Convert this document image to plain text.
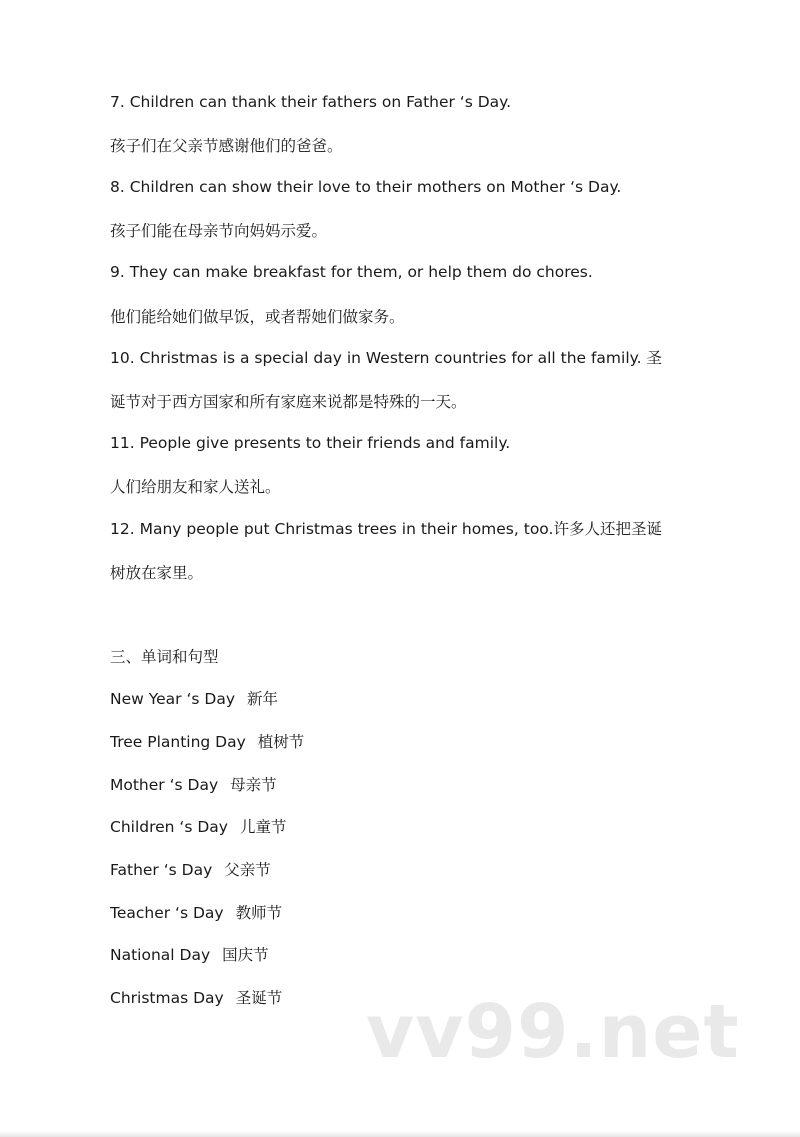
7. Children can thank their fathers on Father ‘s Day.
孩子们在父亲节感谢他们的爸爸。
8. Children can show their love to their mothers on Mother ‘s Day.
孩子们能在母亲节向妈妈示爱。
9. They can make breakfast for them, or help them do chores.
他们能给她们做早饭，或者帮她们做家务。
10. Christmas is a special day in Western countries for all the family. 圣
诞节对于西方国家和所有家庭来说都是特殊的一天。
11. People give presents to their friends and family.
人们给朋友和家人送礼。
12. Many people put Christmas trees in their homes, too.许多人还把圣诞
树放在家里。
三、单词和句型
New Year ‘s Day 新年
Tree Planting Day 植树节
Mother ‘s Day 母亲节
Children ‘s Day 儿童节
Father ‘s Day 父亲节
Teacher ‘s Day 教师节
National Day 国庆节
Christmas Day 圣诞节	vv99.net
